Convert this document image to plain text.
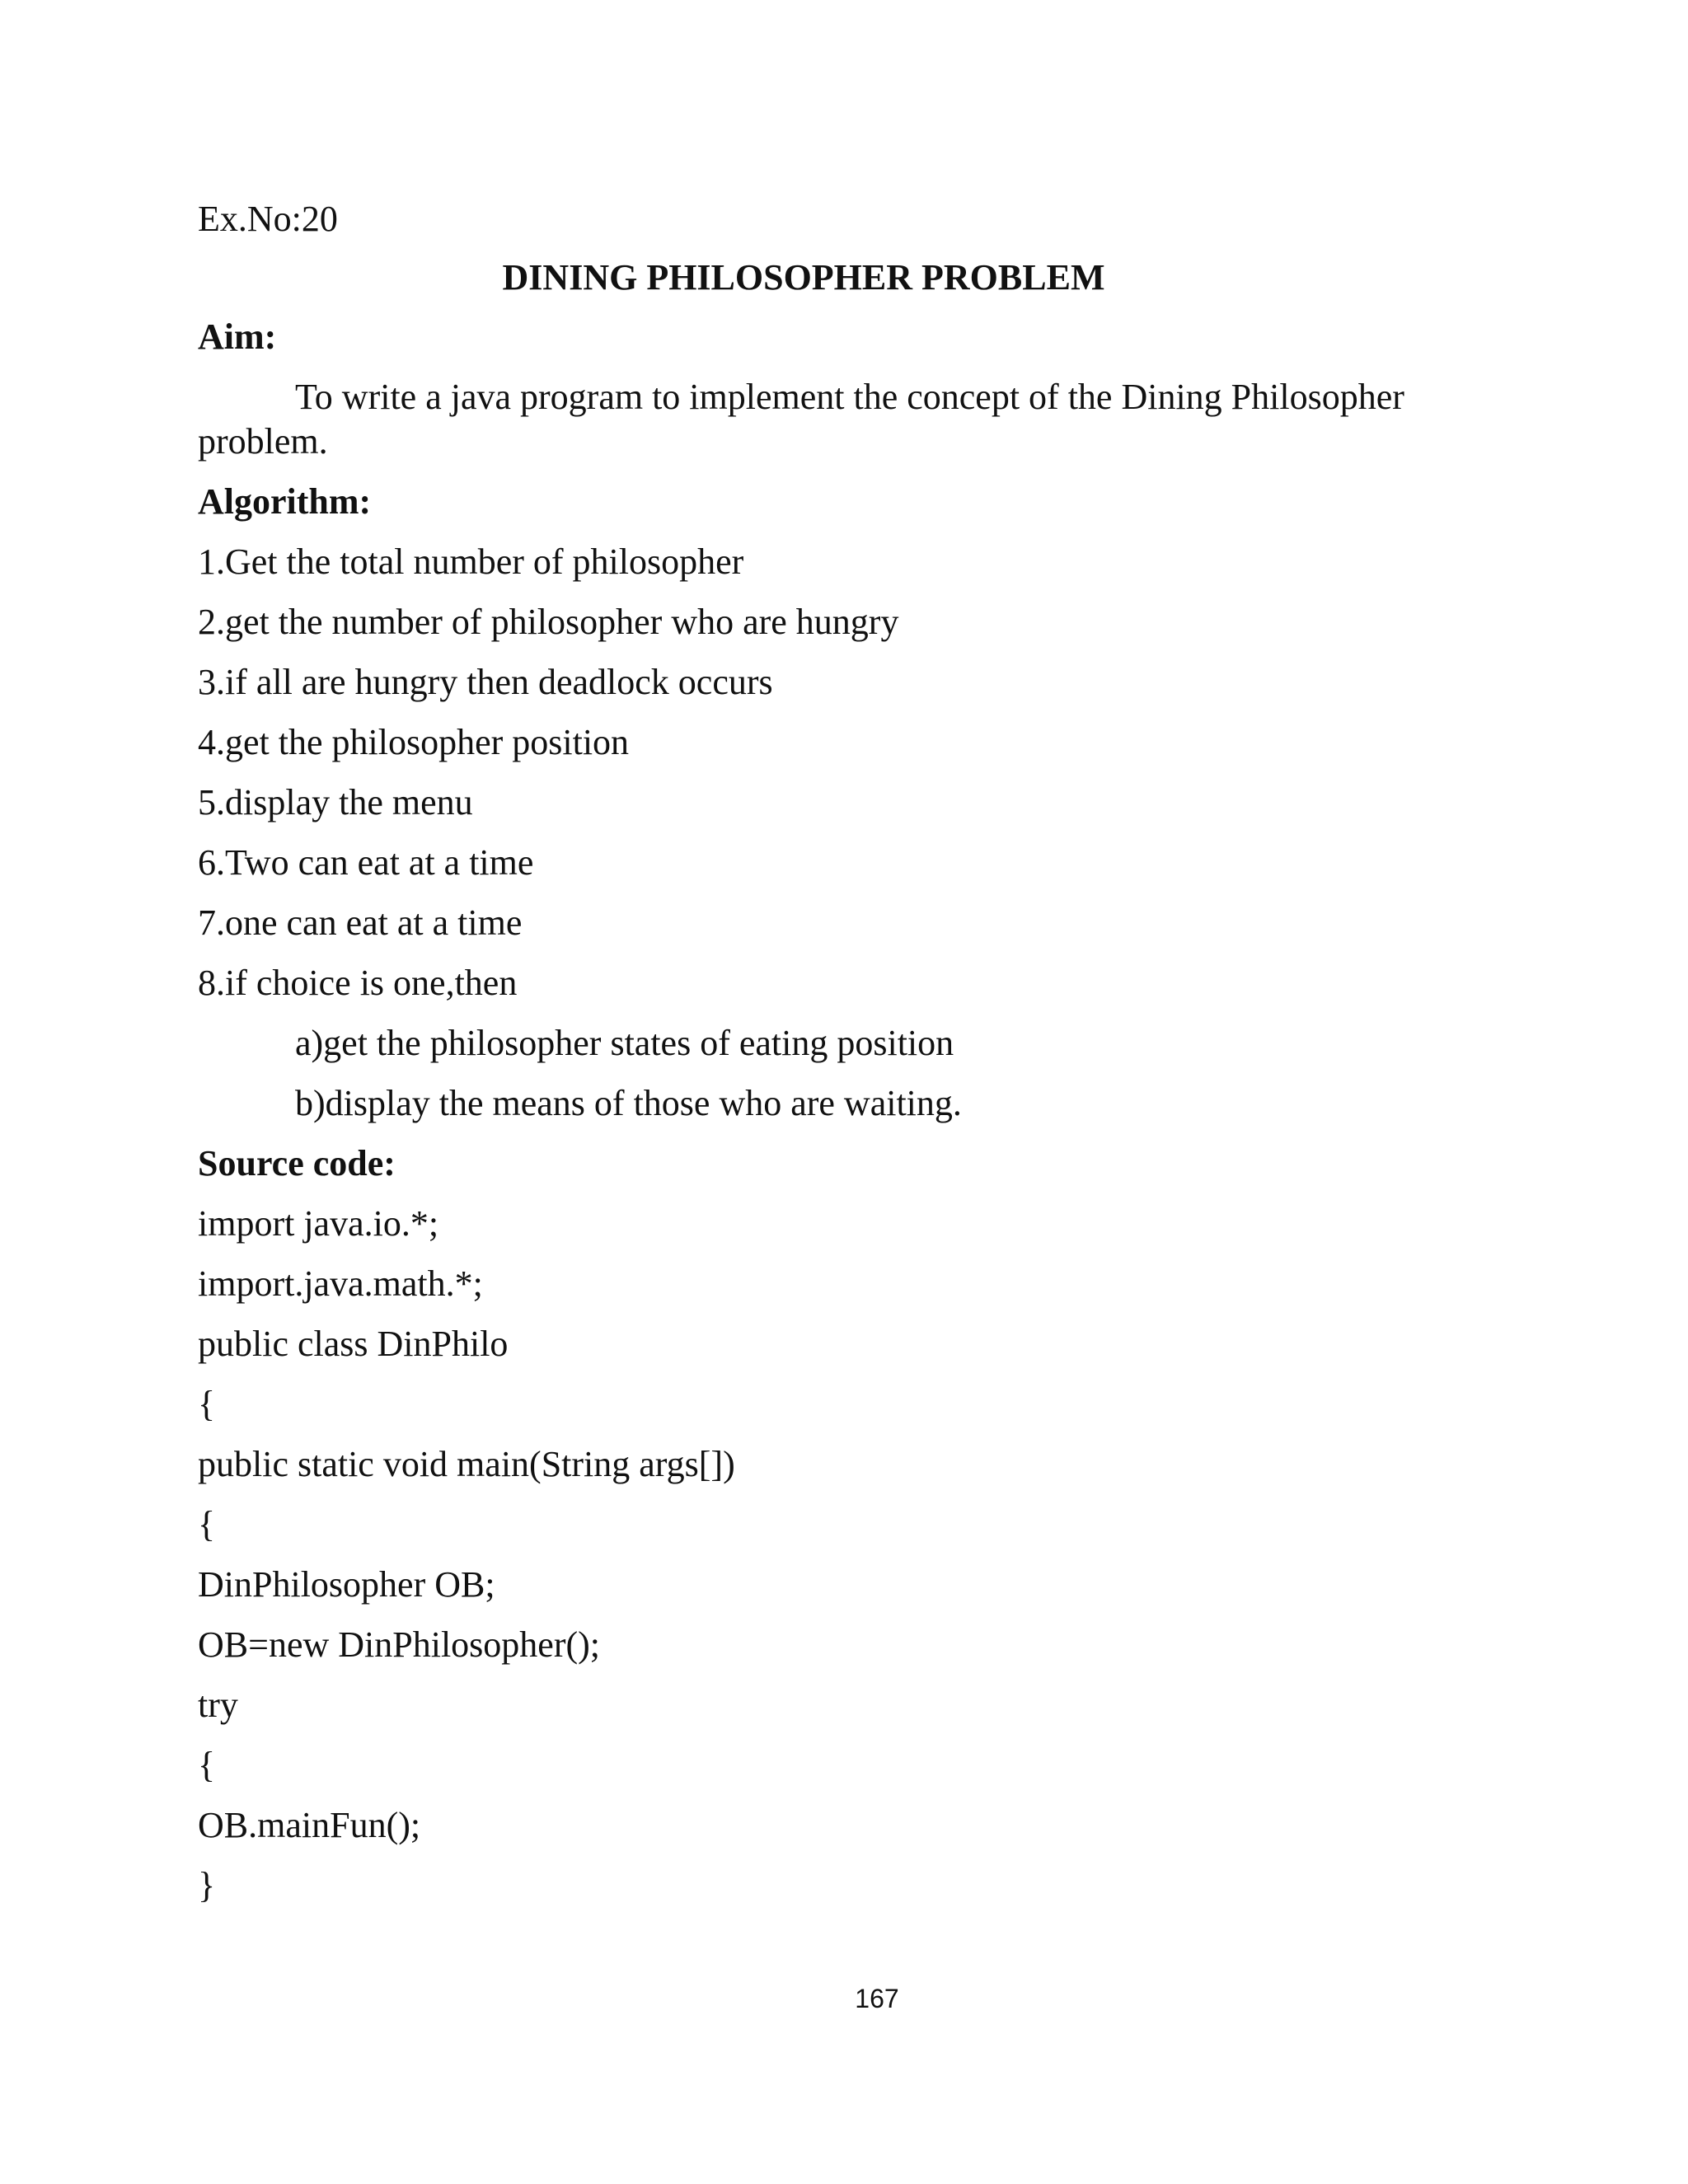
Ex.No:20
DINING PHILOSOPHER PROBLEM
Aim:
To write a java program to implement the concept of the Dining Philosopher
problem.
Algorithm:
1.Get the total number of philosopher
2.get the number of philosopher who are hungry
3.if all are hungry then deadlock occurs
4.get the philosopher position
5.display the menu
6.Two can eat at a time
7.one can eat at a time
8.if choice is one,then
a)get the philosopher states of eating position
b)display the means of those who are waiting.
Source code:
import java.io.*;
import.java.math.*;
public class DinPhilo
{
public static void main(String args[])
{
DinPhilosopher OB;
OB=new DinPhilosopher();
try
{
OB.mainFun();
}
167
